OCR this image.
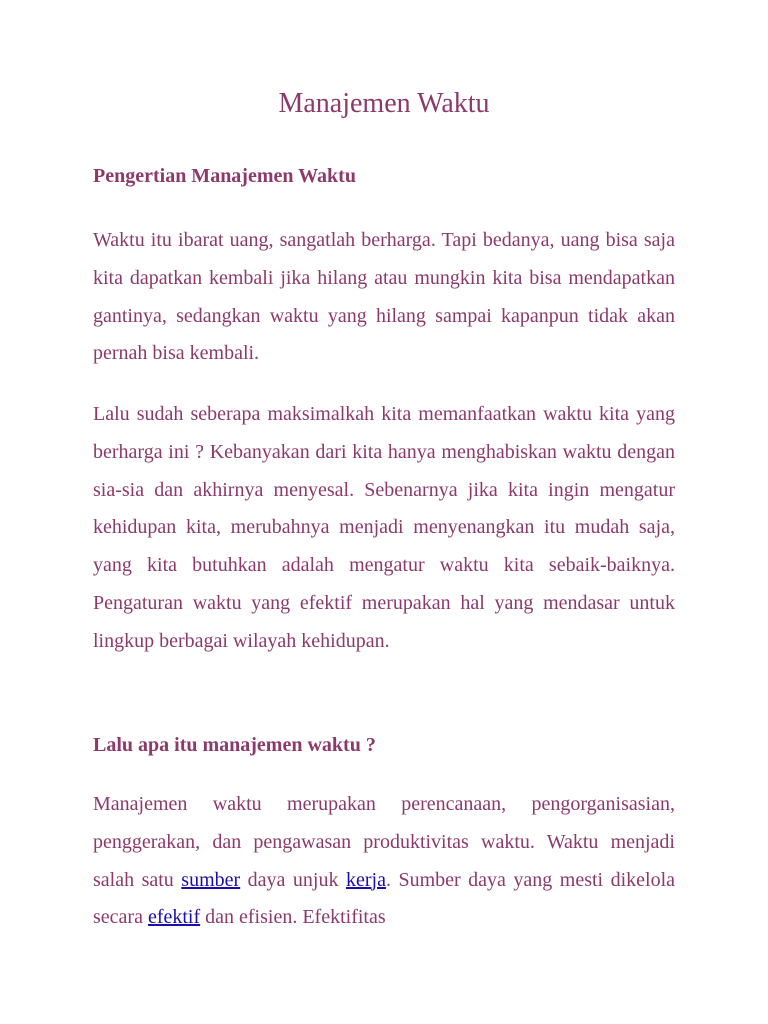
Manajemen Waktu
Pengertian Manajemen Waktu

Waktu itu ibarat uang, sangatlah berharga. Tapi bedanya, uang bisa saja kita dapatkan kembali jika hilang atau mungkin kita bisa mendapatkan gantinya, sedangkan waktu yang hilang sampai kapanpun tidak akan pernah bisa kembali.

Lalu sudah seberapa maksimalkah kita memanfaatkan waktu kita yang berharga ini ? Kebanyakan dari kita hanya menghabiskan waktu dengan sia-sia dan akhirnya menyesal. Sebenarnya jika kita ingin mengatur kehidupan kita, merubahnya menjadi menyenangkan itu mudah saja, yang kita butuhkan adalah mengatur waktu kita sebaik-baiknya. Pengaturan waktu yang efektif merupakan hal yang mendasar untuk lingkup berbagai wilayah kehidupan.

Lalu apa itu manajemen waktu ?

Manajemen waktu merupakan perencanaan, pengorganisasian, penggerakan, dan pengawasan produktivitas waktu. Waktu menjadi salah satu sumber daya unjuk kerja. Sumber daya yang mesti dikelola secara efektif dan efisien. Efektifitas
